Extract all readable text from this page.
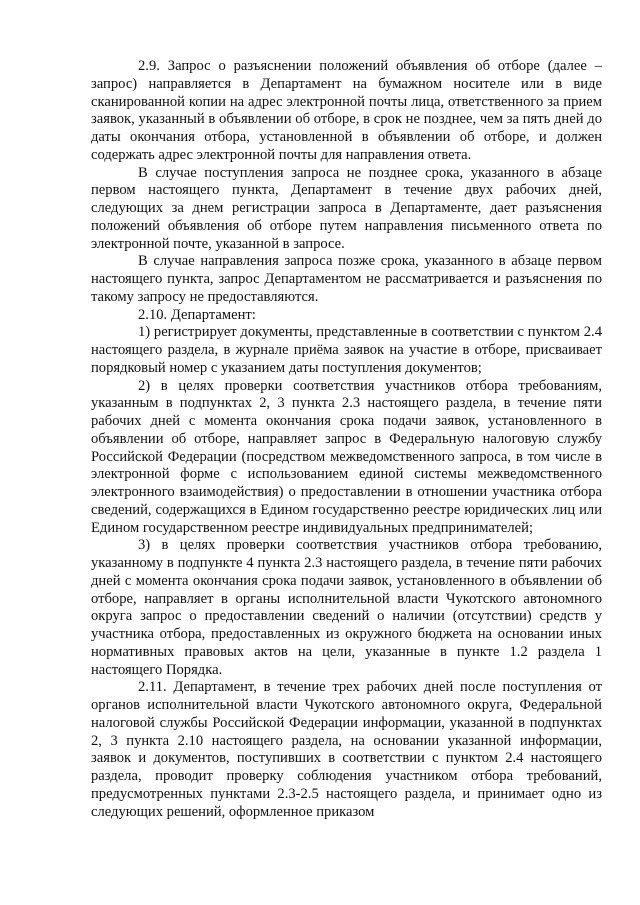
2.9. Запрос о разъяснении положений объявления об отборе (далее – запрос) направляется в Департамент на бумажном носителе или в виде сканированной копии на адрес электронной почты лица, ответственного за прием заявок, указанный в объявлении об отборе, в срок не позднее, чем за пять дней до даты окончания отбора, установленной в объявлении об отборе, и должен содержать адрес электронной почты для направления ответа.

В случае поступления запроса не позднее срока, указанного в абзаце первом настоящего пункта, Департамент в течение двух рабочих дней, следующих за днем регистрации запроса в Департаменте, дает разъяснения положений объявления об отборе путем направления письменного ответа по электронной почте, указанной в запросе.

В случае направления запроса позже срока, указанного в абзаце первом настоящего пункта, запрос Департаментом не рассматривается и разъяснения по такому запросу не предоставляются.

2.10. Департамент:

1) регистрирует документы, представленные в соответствии с пунктом 2.4 настоящего раздела, в журнале приёма заявок на участие в отборе, присваивает порядковый номер с указанием даты поступления документов;

2) в целях проверки соответствия участников отбора требованиям, указанным в подпунктах 2, 3 пункта 2.3 настоящего раздела, в течение пяти рабочих дней с момента окончания срока подачи заявок, установленного в объявлении об отборе, направляет запрос в Федеральную налоговую службу Российской Федерации (посредством межведомственного запроса, в том числе в электронной форме с использованием единой системы межведомственного электронного взаимодействия) о предоставлении в отношении участника отбора сведений, содержащихся в Едином государственно реестре юридических лиц или Едином государственном реестре индивидуальных предпринимателей;

3) в целях проверки соответствия участников отбора требованию, указанному в подпункте 4 пункта 2.3 настоящего раздела, в течение пяти рабочих дней с момента окончания срока подачи заявок, установленного в объявлении об отборе, направляет в органы исполнительной власти Чукотского автономного округа запрос о предоставлении сведений о наличии (отсутствии) средств у участника отбора, предоставленных из окружного бюджета на основании иных нормативных правовых актов на цели, указанные в пункте 1.2 раздела 1 настоящего Порядка.

2.11. Департамент, в течение трех рабочих дней после поступления от органов исполнительной власти Чукотского автономного округа, Федеральной налоговой службы Российской Федерации информации, указанной в подпунктах 2, 3 пункта 2.10 настоящего раздела, на основании указанной информации, заявок и документов, поступивших в соответствии с пунктом 2.4 настоящего раздела, проводит проверку соблюдения участником отбора требований, предусмотренных пунктами 2.3-2.5 настоящего раздела, и принимает одно из следующих решений, оформленное приказом
